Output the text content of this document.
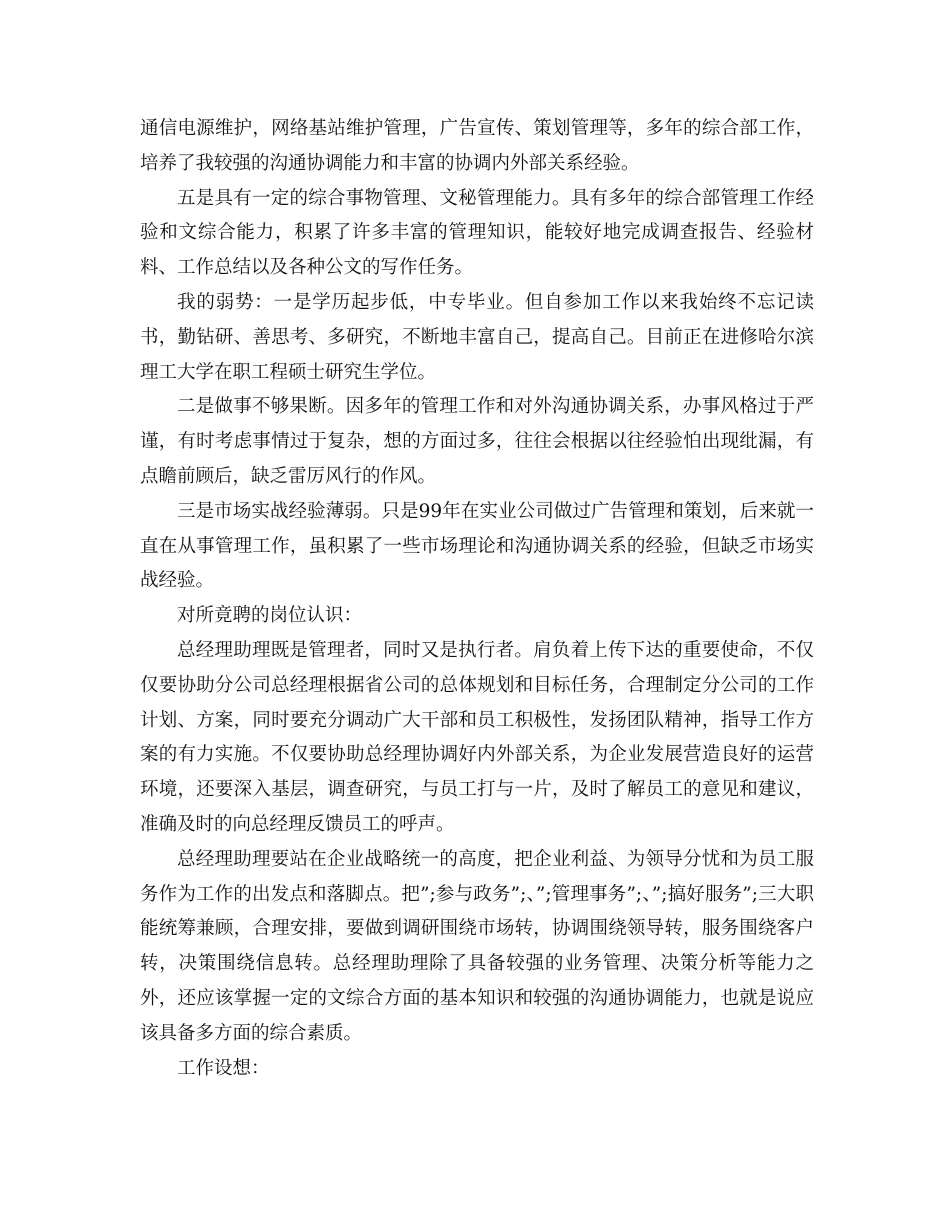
通信电源维护，网络基站维护管理，广告宣传、策划管理等，多年的综合部工作，培养了我较强的沟通协调能力和丰富的协调内外部关系经验。

五是具有一定的综合事物管理、文秘管理能力。具有多年的综合部管理工作经验和文综合能力，积累了许多丰富的管理知识，能较好地完成调查报告、经验材料、工作总结以及各种公文的写作任务。

我的弱势：一是学历起步低，中专毕业。但自参加工作以来我始终不忘记读书，勤钻研、善思考、多研究，不断地丰富自己，提高自己。目前正在进修哈尔滨理工大学在职工程硕士研究生学位。

二是做事不够果断。因多年的管理工作和对外沟通协调关系，办事风格过于严谨，有时考虑事情过于复杂，想的方面过多，往往会根据以往经验怕出现纰漏，有点瞻前顾后，缺乏雷厉风行的作风。

三是市场实战经验薄弱。只是99年在实业公司做过广告管理和策划，后来就一直在从事管理工作，虽积累了一些市场理论和沟通协调关系的经验，但缺乏市场实战经验。

对所竟聘的岗位认识：

总经理助理既是管理者，同时又是执行者。肩负着上传下达的重要使命，不仅仅要协助分公司总经理根据省公司的总体规划和目标任务，合理制定分公司的工作计划、方案，同时要充分调动广大干部和员工积极性，发扬团队精神，指导工作方案的有力实施。不仅要协助总经理协调好内外部关系，为企业发展营造良好的运营环境，还要深入基层，调查研究，与员工打与一片，及时了解员工的意见和建议，准确及时的向总经理反馈员工的呼声。

总经理助理要站在企业战略统一的高度，把企业利益、为领导分忧和为员工服务作为工作的出发点和落脚点。把”;参与政务”;、”;管理事务”;、”;搞好服务”;三大职能统筹兼顾，合理安排，要做到调研围绕市场转，协调围绕领导转，服务围绕客户转，决策围绕信息转。总经理助理除了具备较强的业务管理、决策分析等能力之外，还应该掌握一定的文综合方面的基本知识和较强的沟通协调能力，也就是说应该具备多方面的综合素质。

工作设想：
